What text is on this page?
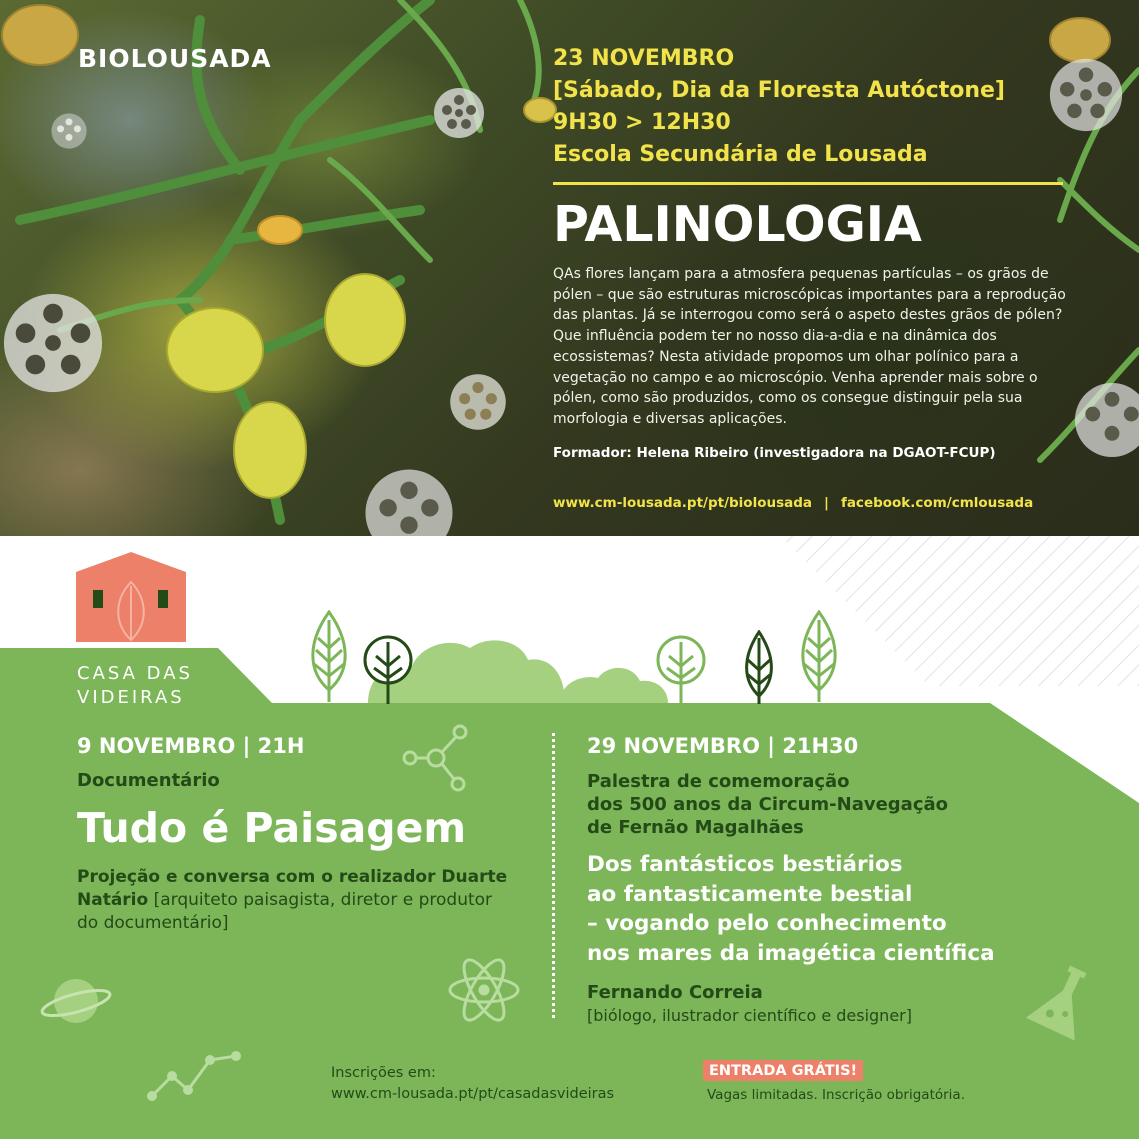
BIOLOUSADA	23 NOVEMBRO
[Sábado, Dia da Floresta Autóctone]
9H30 > 12H30
Escola Secundária de Lousada
PALINOLOGIA
QAs flores lançam para a atmosfera pequenas partículas – os grãos de pólen – que são estruturas microscópicas importantes para a reprodução das plantas. Já se interrogou como será o aspeto destes grãos de pólen? Que influência podem ter no nosso dia-a-dia e na dinâmica dos ecossistemas? Nesta atividade propomos um olhar polínico para a vegetação no campo e ao microscópio. Venha aprender mais sobre o pólen, como são produzidos, como os consegue distinguir pela sua morfologia e diversas aplicações.
Formador: Helena Ribeiro (investigadora na DGAOT-FCUP)
www.cm-lousada.pt/pt/biolousada | facebook.com/cmlousada
CASA DAS
VIDEIRAS
9 NOVEMBRO | 21H
Documentário
Tudo é Paisagem
Projeção e conversa com o realizador Duarte Natário [arquiteto paisagista, diretor e produtor do documentário]
29 NOVEMBRO | 21H30
Palestra de comemoração
dos 500 anos da Circum-Navegação
de Fernão Magalhães
Dos fantásticos bestiários
ao fantasticamente bestial
– vogando pelo conhecimento
nos mares da imagética científica
Fernando Correia
[biólogo, ilustrador científico e designer]
Inscrições em:
www.cm-lousada.pt/pt/casadasvideiras
ENTRADA GRÁTIS!
Vagas limitadas. Inscrição obrigatória.
